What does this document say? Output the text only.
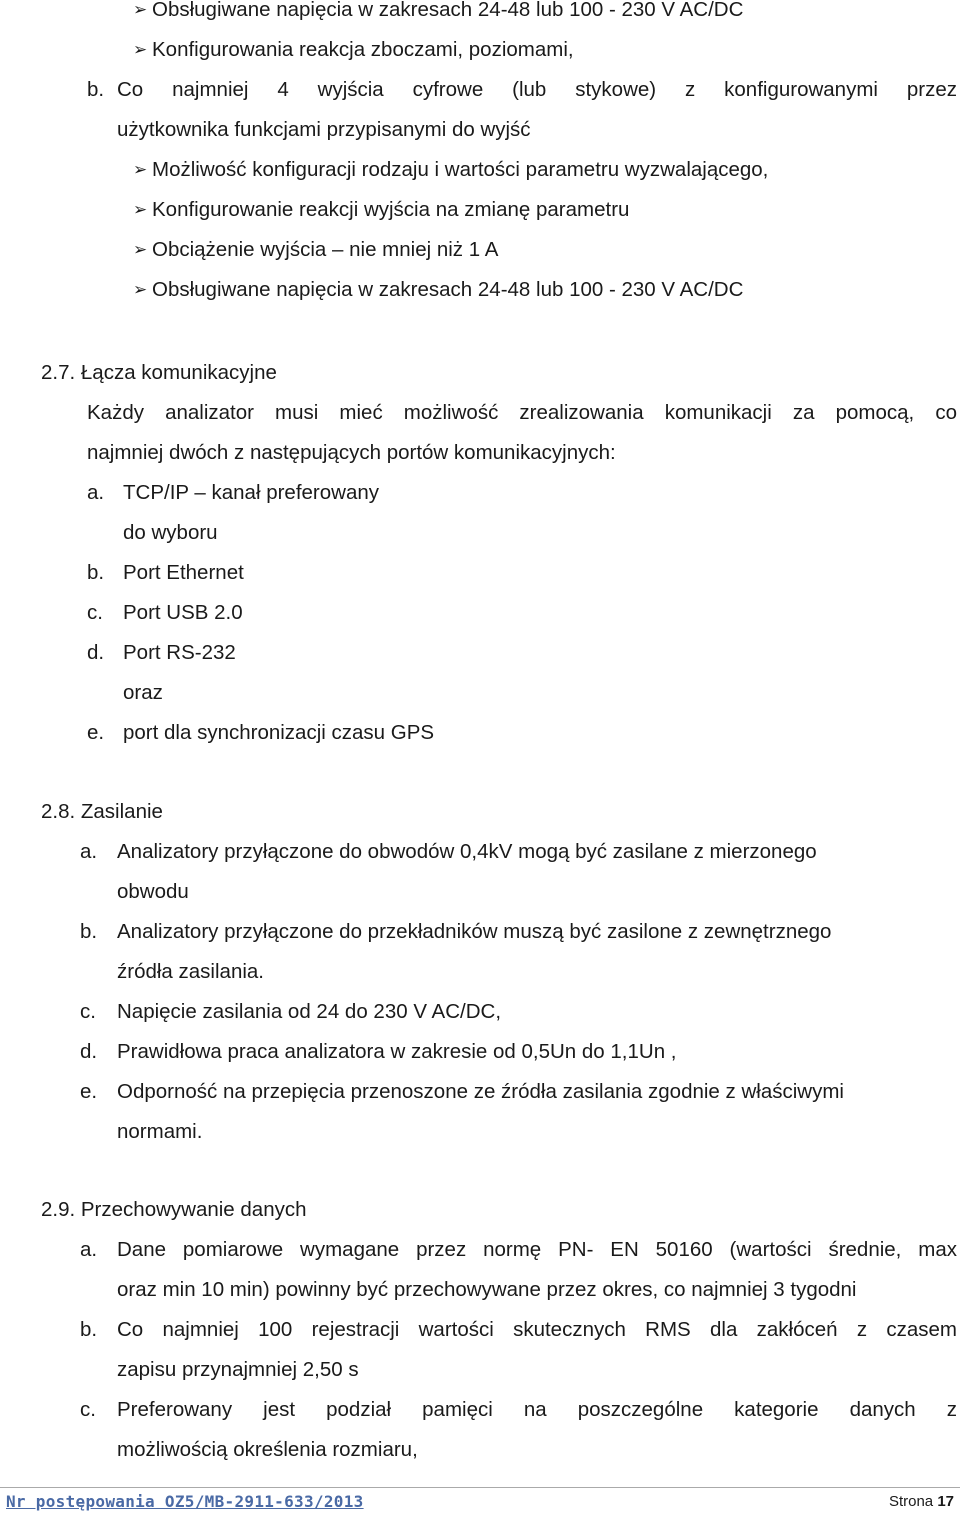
➢ Obsługiwane napięcia w zakresach 24-48 lub 100 - 230 V AC/DC
➢ Konfigurowania reakcja zboczami, poziomami,
b. Co najmniej 4 wyjścia cyfrowe (lub stykowe) z konfigurowanymi przez
użytkownika funkcjami przypisanymi do wyjść
➢ Możliwość konfiguracji rodzaju i wartości parametru wyzwalającego,
➢ Konfigurowanie reakcji wyjścia na zmianę parametru
➢ Obciążenie wyjścia – nie mniej niż 1 A
➢ Obsługiwane napięcia w zakresach 24-48 lub 100 - 230 V AC/DC
2.7. Łącza komunikacyjne
Każdy analizator musi mieć możliwość zrealizowania komunikacji za pomocą, co
najmniej dwóch z następujących portów komunikacyjnych:
a. TCP/IP – kanał preferowany
do wyboru
b. Port Ethernet
c. Port USB 2.0
d. Port RS-232
oraz
e. port dla synchronizacji czasu GPS
2.8. Zasilanie
a. Analizatory przyłączone do obwodów 0,4kV mogą być zasilane z mierzonego
obwodu
b. Analizatory przyłączone do przekładników muszą być zasilone z zewnętrznego
źródła zasilania.
c. Napięcie zasilania od 24 do 230 V AC/DC,
d. Prawidłowa praca analizatora w zakresie od 0,5Un do 1,1Un ,
e. Odporność na przepięcia przenoszone ze źródła zasilania zgodnie z właściwymi
normami.
2.9. Przechowywanie danych
a. Dane pomiarowe wymagane przez normę PN- EN 50160 (wartości średnie, max
oraz min 10 min) powinny być przechowywane przez okres, co najmniej 3 tygodni
b. Co najmniej 100 rejestracji wartości skutecznych RMS dla zakłóceń z czasem
zapisu przynajmniej 2,50 s
c. Preferowany jest podział pamięci na poszczególne kategorie danych z
możliwością określenia rozmiaru,
Nr postępowania OZ5/MB-2911-633/2013	Strona 17
